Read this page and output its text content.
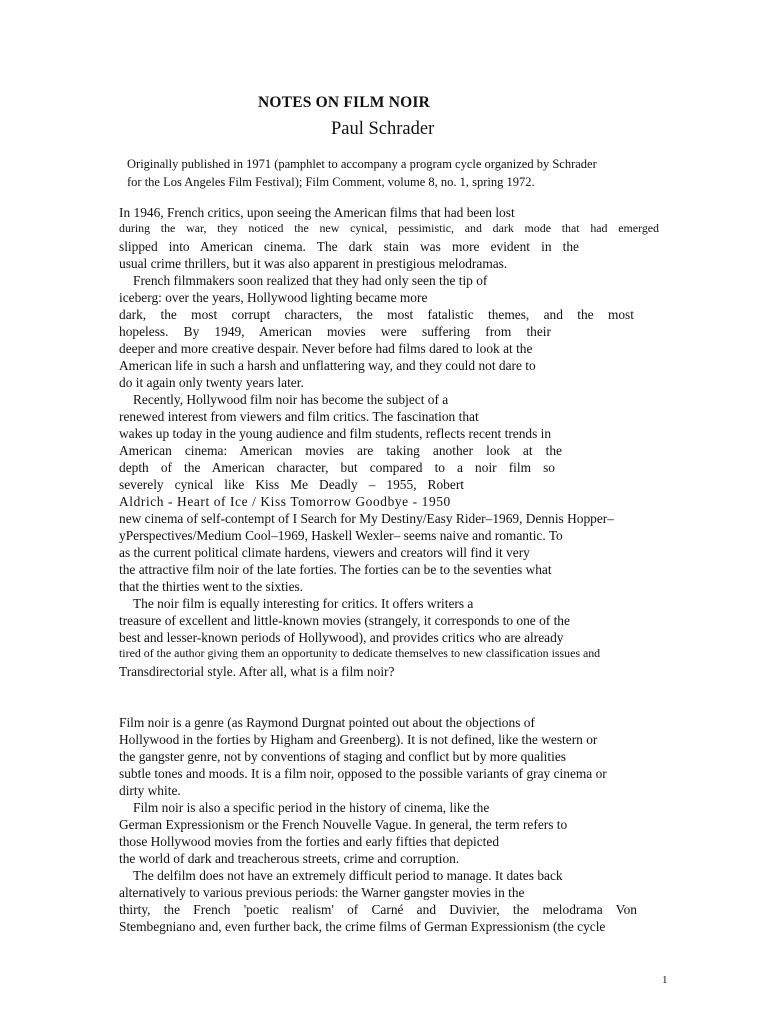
NOTES ON FILM NOIR
Paul Schrader
Originally published in 1971 (pamphlet to accompany a program cycle organized by Schrader
for the Los Angeles Film Festival); Film Comment, volume 8, no. 1, spring 1972.
In 1946, French critics, upon seeing the American films that had been lost
during the war, they noticed the new cynical, pessimistic, and dark mode that had emerged
slipped into American cinema. The dark stain was more evident in the
usual crime thrillers, but it was also apparent in prestigious melodramas.
French filmmakers soon realized that they had only seen the tip of
iceberg: over the years, Hollywood lighting became more
dark, the most corrupt characters, the most fatalistic themes, and the most
hopeless. By 1949, American movies were suffering from their
deeper and more creative despair. Never before had films dared to look at the
American life in such a harsh and unflattering way, and they could not dare to
do it again only twenty years later.
Recently, Hollywood film noir has become the subject of a
renewed interest from viewers and film critics. The fascination that
wakes up today in the young audience and film students, reflects recent trends in
American cinema: American movies are taking another look at the
depth of the American character, but compared to a noir film so
severely cynical like Kiss Me Deadly – 1955, Robert
Aldrich - Heart of Ice / Kiss Tomorrow Goodbye - 1950
new cinema of self-contempt of I Search for My Destiny/Easy Rider–1969, Dennis Hopper–
yPerspectives/Medium Cool–1969, Haskell Wexler– seems naive and romantic. To
as the current political climate hardens, viewers and creators will find it very
the attractive film noir of the late forties. The forties can be to the seventies what
that the thirties went to the sixties.
The noir film is equally interesting for critics. It offers writers a
treasure of excellent and little-known movies (strangely, it corresponds to one of the
best and lesser-known periods of Hollywood), and provides critics who are already
tired of the author giving them an opportunity to dedicate themselves to new classification issues and
Transdirectorial style. After all, what is a film noir?
Film noir is a genre (as Raymond Durgnat pointed out about the objections of
Hollywood in the forties by Higham and Greenberg). It is not defined, like the western or
the gangster genre, not by conventions of staging and conflict but by more qualities
subtle tones and moods. It is a film noir, opposed to the possible variants of gray cinema or
dirty white.
Film noir is also a specific period in the history of cinema, like the
German Expressionism or the French Nouvelle Vague. In general, the term refers to
those Hollywood movies from the forties and early fifties that depicted
the world of dark and treacherous streets, crime and corruption.
The delfilm does not have an extremely difficult period to manage. It dates back
alternatively to various previous periods: the Warner gangster movies in the
thirty, the French 'poetic realism' of Carné and Duvivier, the melodrama Von
Stembegniano and, even further back, the crime films of German Expressionism (the cycle
1
